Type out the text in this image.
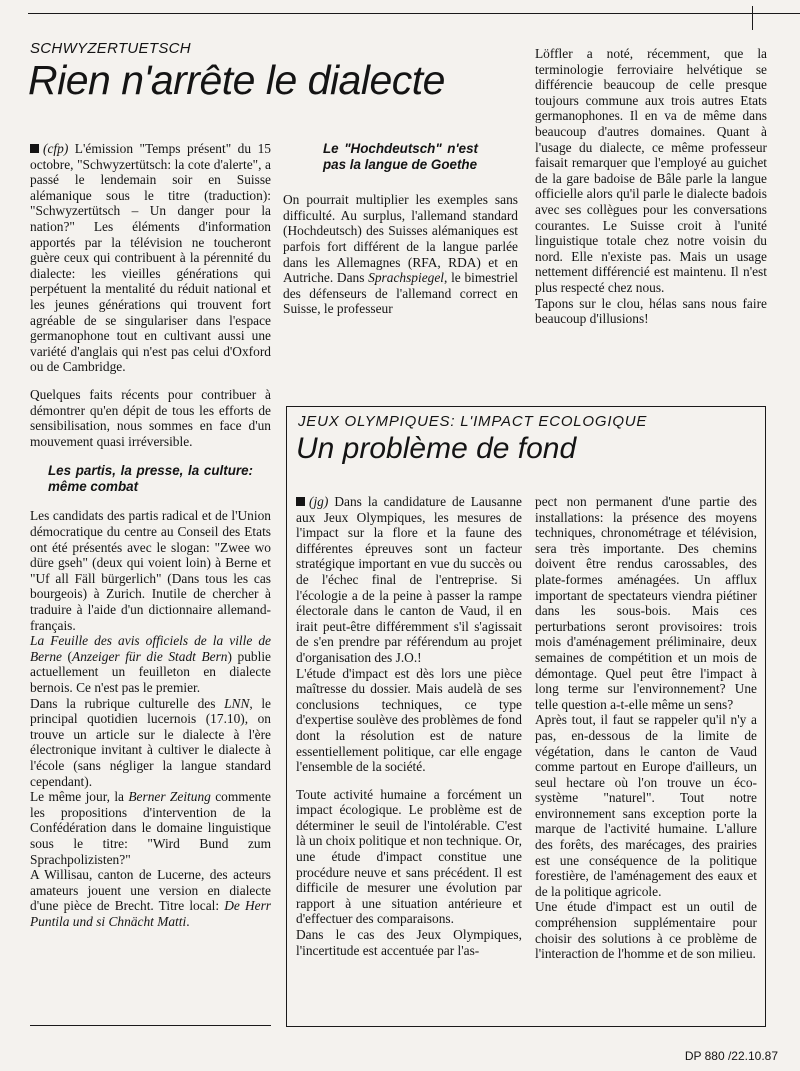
SCHWYZERTUETSCH

Rien n'arrête le dialecte

(cfp) L'émission "Temps présent" du 15 octobre, "Schwyzertütsch: la cote d'alerte", a passé le lendemain soir en Suisse alémanique sous le titre (traduction): "Schwyzertütsch – Un danger pour la nation?" Les éléments d'information apportés par la télévision ne toucheront guère ceux qui contribuent à la pérennité du dialecte: les vieilles générations qui perpétuent la mentalité du réduit national et les jeunes générations qui trouvent fort agréable de se singulariser dans l'espace germanophone tout en cultivant aussi une variété d'anglais qui n'est pas celui d'Oxford ou de Cambridge.

Quelques faits récents pour contribuer à démontrer qu'en dépit de tous les efforts de sensibilisation, nous sommes en face d'un mouvement quasi irréversible.

Les partis, la presse, la culture: même combat

Les candidats des partis radical et de l'Union démocratique du centre au Conseil des Etats ont été présentés avec le slogan: "Zwee wo düre gseh" (deux qui voient loin) à Berne et "Uf all Fäll bürgerlich" (Dans tous les cas bourgeois) à Zurich. Inutile de chercher à traduire à l'aide d'un dictionnaire allemand-français.

La Feuille des avis officiels de la ville de Berne (Anzeiger für die Stadt Bern) publie actuellement un feuilleton en dialecte bernois. Ce n'est pas le premier.

Dans la rubrique culturelle des LNN, le principal quotidien lucernois (17.10), on trouve un article sur le dialecte à l'ère électronique invitant à cultiver le dialecte à l'école (sans négliger la langue standard cependant).

Le même jour, la Berner Zeitung commente les propositions d'intervention de la Confédération dans le domaine linguistique sous le titre: "Wird Bund zum Sprachpolizisten?"

A Willisau, canton de Lucerne, des acteurs amateurs jouent une version en dialecte d'une pièce de Brecht. Titre local: De Herr Puntila und si Chnächt Matti.

Le "Hochdeutsch" n'est pas la langue de Goethe

On pourrait multiplier les exemples sans difficulté. Au surplus, l'allemand standard (Hochdeutsch) des Suisses alémaniques est parfois fort différent de la langue parlée dans les Allemagnes (RFA, RDA) et en Autriche. Dans Sprachspiegel, le bimestriel des défenseurs de l'allemand correct en Suisse, le professeur

Löffler a noté, récemment, que la terminologie ferroviaire helvétique se différencie beaucoup de celle presque toujours commune aux trois autres Etats germanophones. Il en va de même dans beaucoup d'autres domaines. Quant à l'usage du dialecte, ce même professeur faisait remarquer que l'employé au guichet de la gare badoise de Bâle parle la langue officielle alors qu'il parle le dialecte badois avec ses collègues pour les conversations courantes. Le Suisse croit à l'unité linguistique totale chez notre voisin du nord. Elle n'existe pas. Mais un usage nettement différencié est maintenu. Il n'est plus respecté chez nous.

Tapons sur le clou, hélas sans nous faire beaucoup d'illusions!

JEUX OLYMPIQUES: L'IMPACT ECOLOGIQUE

Un problème de fond

(jg) Dans la candidature de Lausanne aux Jeux Olympiques, les mesures de l'impact sur la flore et la faune des différentes épreuves sont un facteur stratégique important en vue du succès ou de l'échec final de l'entreprise. Si l'écologie a de la peine à passer la rampe électorale dans le canton de Vaud, il en irait peut-être différemment s'il s'agissait de s'en prendre par référendum au projet d'organisation des J.O.!

L'étude d'impact est dès lors une pièce maîtresse du dossier. Mais audelà de ses conclusions techniques, ce type d'expertise soulève des problèmes de fond dont la résolution est de nature essentiellement politique, car elle engage l'ensemble de la société.

Toute activité humaine a forcément un impact écologique. Le problème est de déterminer le seuil de l'intolérable. C'est là un choix politique et non technique. Or, une étude d'impact constitue une procédure neuve et sans précédent. Il est difficile de mesurer une évolution par rapport à une situation antérieure et d'effectuer des comparaisons.

Dans le cas des Jeux Olympiques, l'incertitude est accentuée par l'as-

pect non permanent d'une partie des installations: la présence des moyens techniques, chronométrage et télévision, sera très importante. Des chemins doivent être rendus carossables, des plate-formes aménagées. Un afflux important de spectateurs viendra piétiner dans les sous-bois. Mais ces perturbations seront provisoires: trois mois d'aménagement préliminaire, deux semaines de compétition et un mois de démontage. Quel peut être l'impact à long terme sur l'environnement? Une telle question a-t-elle même un sens?

Après tout, il faut se rappeler qu'il n'y a pas, en-dessous de la limite de végétation, dans le canton de Vaud comme partout en Europe d'ailleurs, un seul hectare où l'on trouve un éco-système "naturel". Tout notre environnement sans exception porte la marque de l'activité humaine. L'allure des forêts, des marécages, des prairies est une conséquence de la politique forestière, de l'aménagement des eaux et de la politique agricole.

Une étude d'impact est un outil de compréhension supplémentaire pour choisir des solutions à ce problème de l'interaction de l'homme et de son milieu.

DP 880 /22.10.87
